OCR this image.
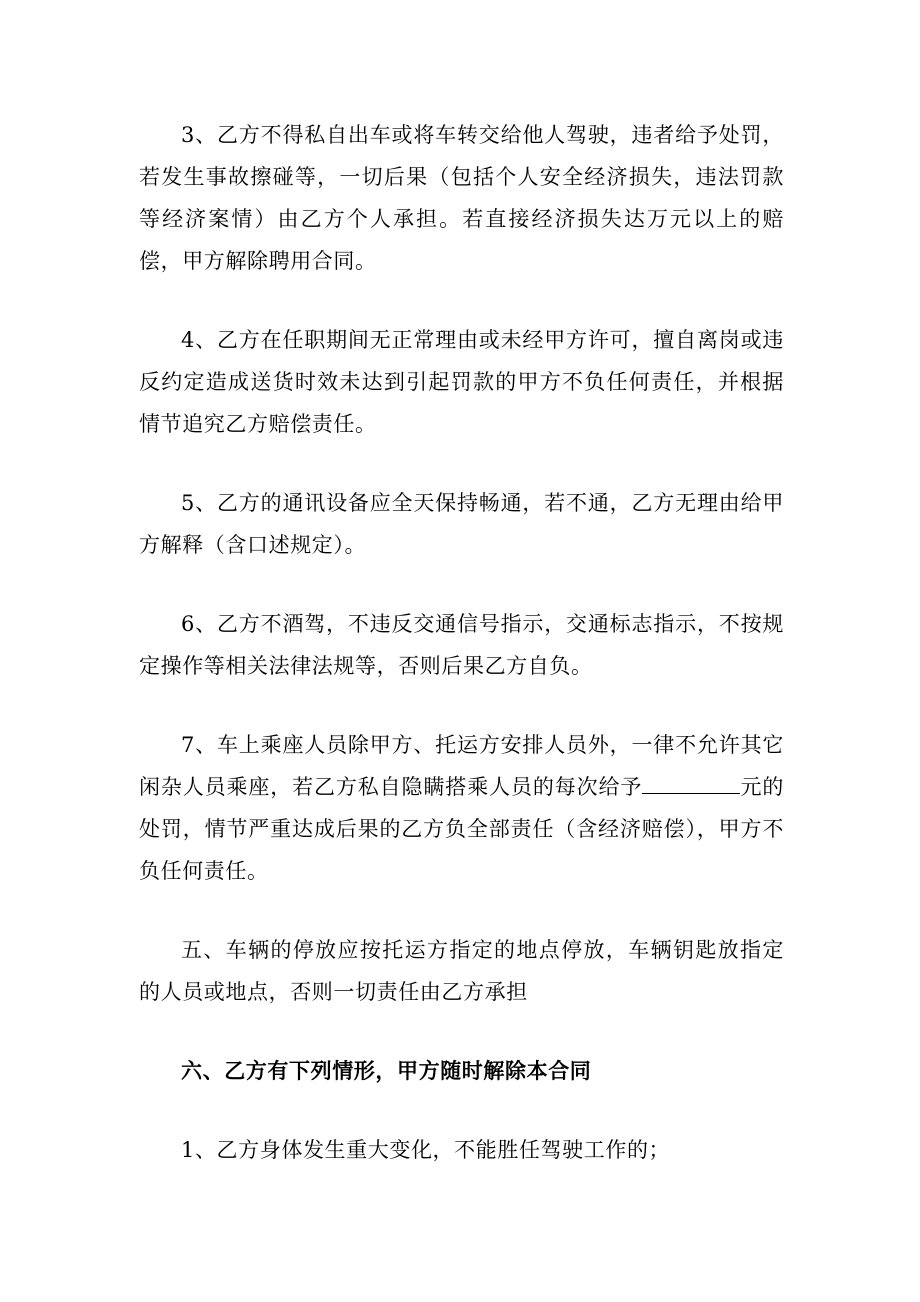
3、乙方不得私自出车或将车转交给他人驾驶，违者给予处罚，若发生事故擦碰等，一切后果（包括个人安全经济损失，违法罚款等经济案情）由乙方个人承担。若直接经济损失达万元以上的赔偿，甲方解除聘用合同。

4、乙方在任职期间无正常理由或未经甲方许可，擅自离岗或违反约定造成送货时效未达到引起罚款的甲方不负任何责任，并根据情节追究乙方赔偿责任。

5、乙方的通讯设备应全天保持畅通，若不通，乙方无理由给甲方解释（含口述规定）。

6、乙方不酒驾，不违反交通信号指示，交通标志指示，不按规定操作等相关法律法规等，否则后果乙方自负。

7、车上乘座人员除甲方、托运方安排人员外，一律不允许其它闲杂人员乘座，若乙方私自隐瞒搭乘人员的每次给予	元的处罚，情节严重达成后果的乙方负全部责任（含经济赔偿），甲方不负任何责任。

五、车辆的停放应按托运方指定的地点停放，车辆钥匙放指定的人员或地点，否则一切责任由乙方承担

六、乙方有下列情形，甲方随时解除本合同

1、乙方身体发生重大变化，不能胜任驾驶工作的；
